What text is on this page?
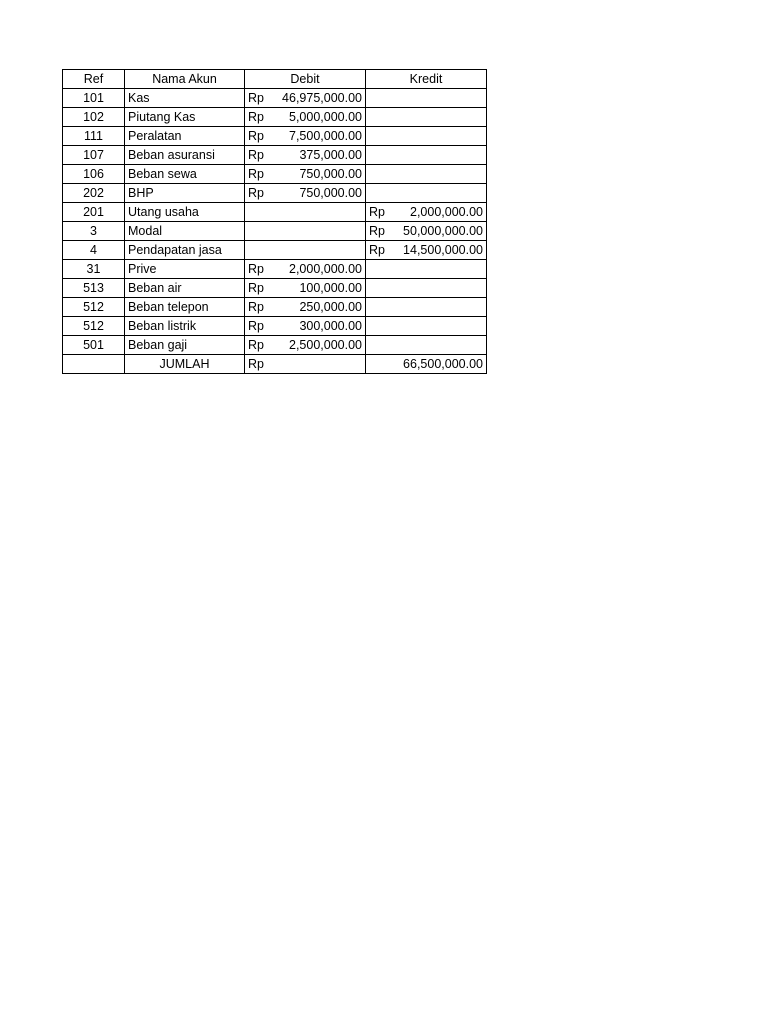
Ref	Nama Akun	Debit	Kredit
101	Kas	Rp 46,975,000.00	

102	Piutang Kas	Rp 5,000,000.00	

111	Peralatan	Rp 7,500,000.00	

107	Beban asuransi	Rp 375,000.00	

106	Beban sewa	Rp 750,000.00	

202	BHP	Rp 750,000.00	

201	Utang usaha		Rp 2,000,000.00

3	Modal		Rp 50,000,000.00

4	Pendapatan jasa		Rp 14,500,000.00

31	Prive	Rp 2,000,000.00	

513	Beban air	Rp 100,000.00	

512	Beban telepon	Rp 250,000.00	

512	Beban listrik	Rp 300,000.00	

501	Beban gaji	Rp 2,500,000.00	

	JUMLAH	Rp	66,500,000.00
